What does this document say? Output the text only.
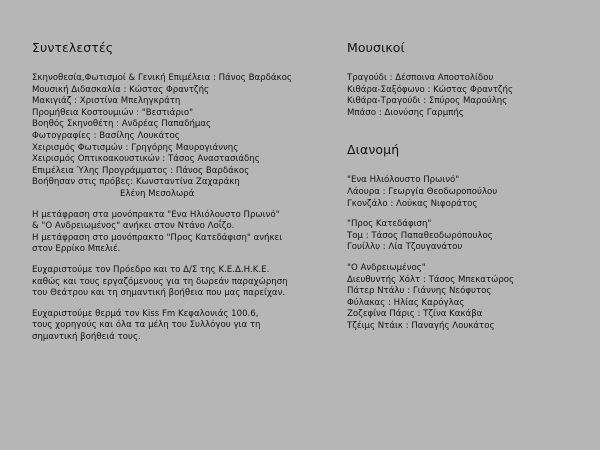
Συντελεστές
Σκηνοθεσία,Φωτισμοί & Γενική Επιμέλεια : Πάνος Βαρδάκος
Μουσική Διδασκαλία : Κώστας Φραντζής
Μακιγιάζ : Χριστίνα Μπεληγκράτη
Προμήθεια Κοστουμιών : "Βεστιάριο"
Βοηθός Σκηνοθέτη : Ανδρέας Παπαδήμας
Φωτογραφίες : Βασίλης Λουκάτος
Χειρισμός Φωτισμών : Γρηγόρης Μαυρογιάννης
Χειρισμός Οπτικοακουστικών : Τάσος Αναστασιάδης
Επιμέλεια Ύλης Προγράμματος : Πάνος Βαρδάκος
Βοήθησαν στις πρόβες: Κωνσταντίνα Ζαχαράκη
Ελένη Μεσολωρά
Η μετάφραση στα μονόπρακτα "Ενα Ηλιόλουστο Πρωινό"
& "Ο Ανδρειωμένος" ανήκει στον Ντάνο Λοΐζο.
Η μετάφραση στο μονόπρακτο "Προς Κατεδάφιση" ανήκει
στον Ερρίκο Μπελιέ.
Ευχαριστούμε τον Πρόεδρο και το Δ/Σ της Κ.Ε.Δ.Η.Κ.Ε.
καθώς και τους εργαζόμενους για τη δωρεάν παραχώρηση
του Θεάτρου και τη σημαντική βοήθεια που μας παρείχαν.
Ευχαριστούμε θερμά τον Kiss Fm Κεφαλονιάς 100.6,
τους χορηγούς και όλα τα μέλη του Συλλόγου για τη
σημαντική βοήθειά τους.
Μουσικοί
Τραγούδι : Δέσποινα Αποστολίδου
Κιθάρα-Σαξόφωνο : Κώστας Φραντζής
Κιθάρα-Τραγούδι : Σπύρος Μαρούλης
Μπάσο : Διονύσης Γαρμπής
Διανομή
"Ενα Ηλιόλουστο Πρωινό"
Λάουρα : Γεωργία Θεοδωροπούλου
Γκονζάλο : Λούκας Νιφοράτος
"Προς Κατεδάφιση"
Τομ : Τάσος Παπαθεοδωρόπουλος
Γουίλλυ : Λία Τζουγανάτου
"Ο Ανδρειωμένος"
Διευθυντής Χόλτ : Τάσος Μπεκατώρος
Πάτερ Ντάλυ : Γιάννης Νεόφυτος
Φύλακας : Ηλίας Καρόγλας
Ζοζεφίνα Πάρις : Τζίνα Κακάβα
Τζέιμς Ντάικ : Παναγής Λουκάτος
